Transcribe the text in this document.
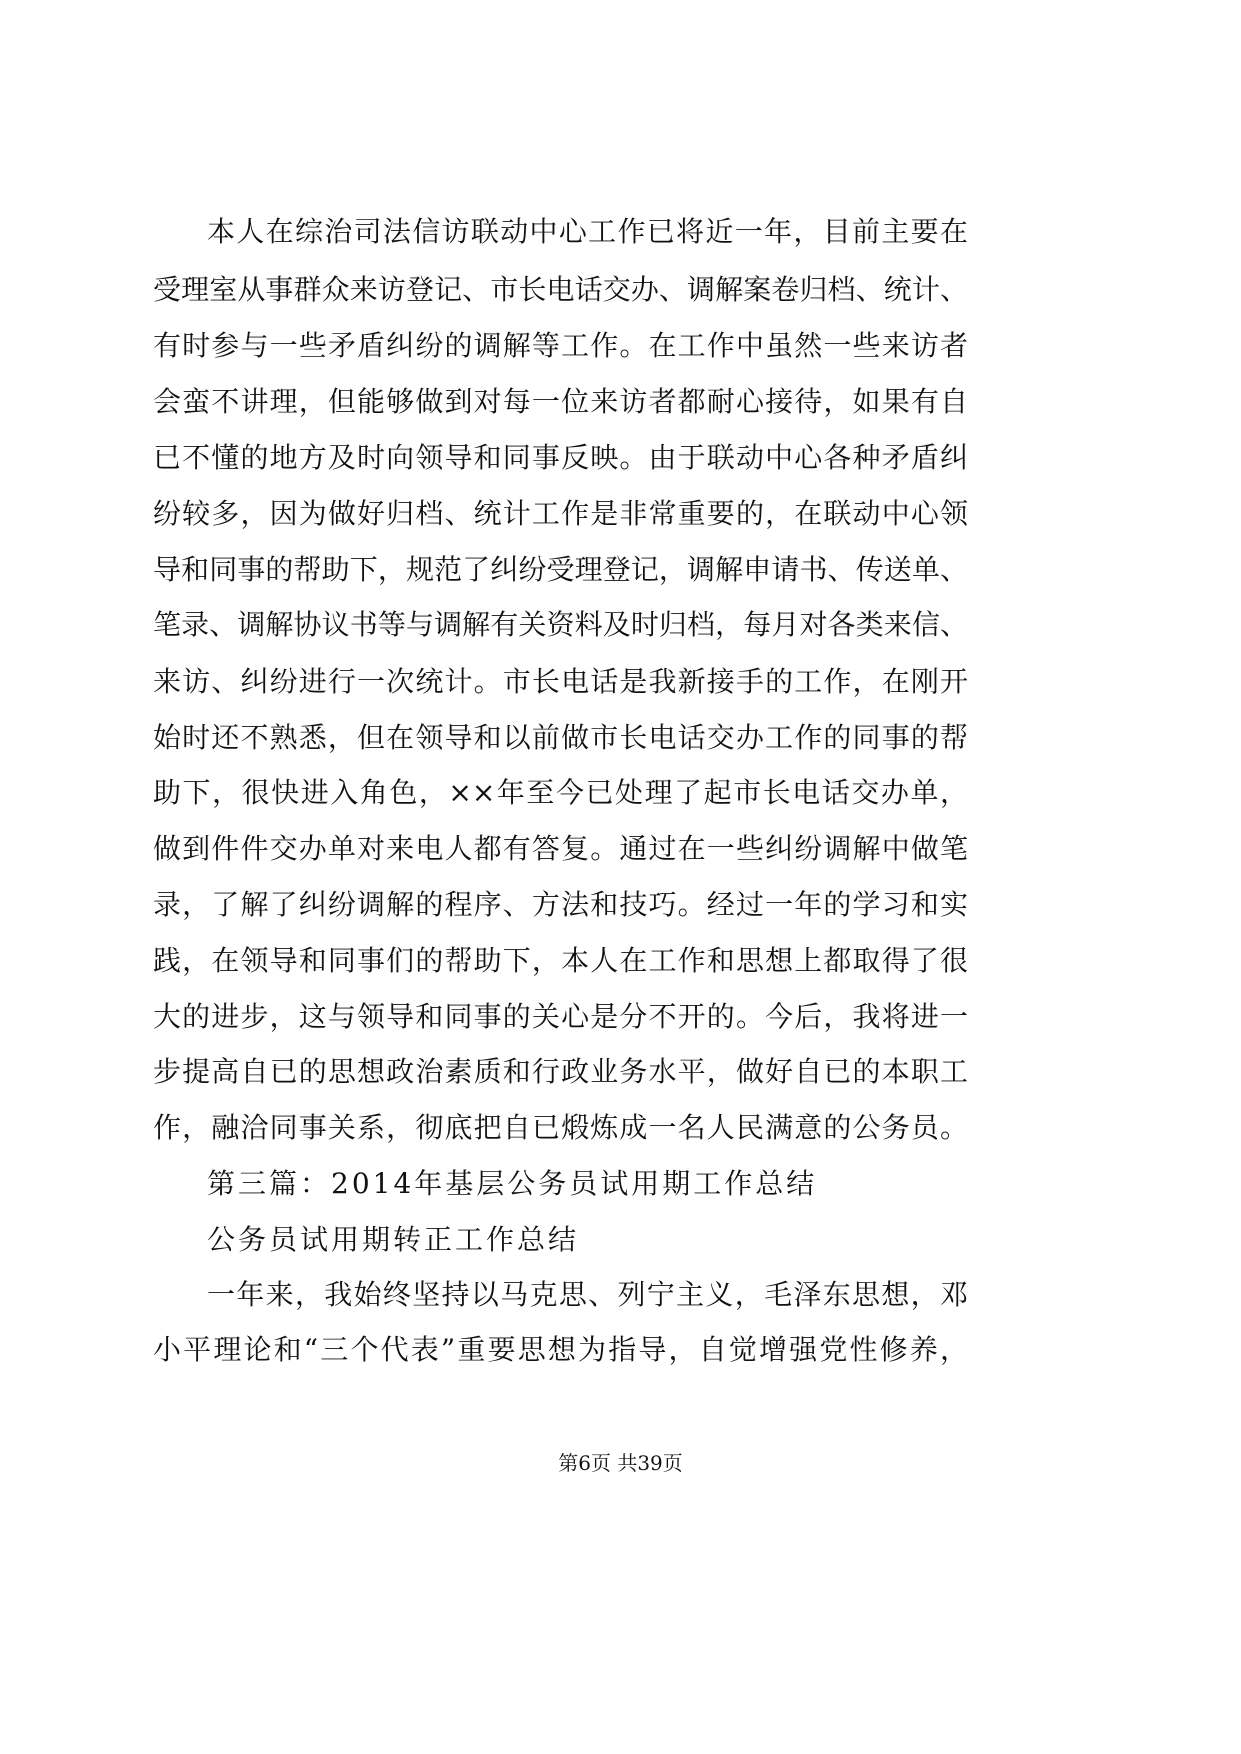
本人在综治司法信访联动中心工作已将近一年，目前主要在
受理室从事群众来访登记、市长电话交办、调解案卷归档、统计、
有时参与一些矛盾纠纷的调解等工作。在工作中虽然一些来访者
会蛮不讲理，但能够做到对每一位来访者都耐心接待，如果有自
已不懂的地方及时向领导和同事反映。由于联动中心各种矛盾纠
纷较多，因为做好归档、统计工作是非常重要的，在联动中心领
导和同事的帮助下，规范了纠纷受理登记，调解申请书、传送单、
笔录、调解协议书等与调解有关资料及时归档，每月对各类来信、
来访、纠纷进行一次统计。市长电话是我新接手的工作，在刚开
始时还不熟悉，但在领导和以前做市长电话交办工作的同事的帮
助下，很快进入角色，××年至今已处理了起市长电话交办单，
做到件件交办单对来电人都有答复。通过在一些纠纷调解中做笔
录，了解了纠纷调解的程序、方法和技巧。经过一年的学习和实
践，在领导和同事们的帮助下，本人在工作和思想上都取得了很
大的进步，这与领导和同事的关心是分不开的。今后，我将进一
步提高自已的思想政治素质和行政业务水平，做好自已的本职工
作，融洽同事关系，彻底把自已煅炼成一名人民满意的公务员。
第三篇：2014年基层公务员试用期工作总结
公务员试用期转正工作总结
一年来，我始终坚持以马克思、列宁主义，毛泽东思想，邓
小平理论和“三个代表”重要思想为指导，自觉增强党性修养，
第6页 共39页
